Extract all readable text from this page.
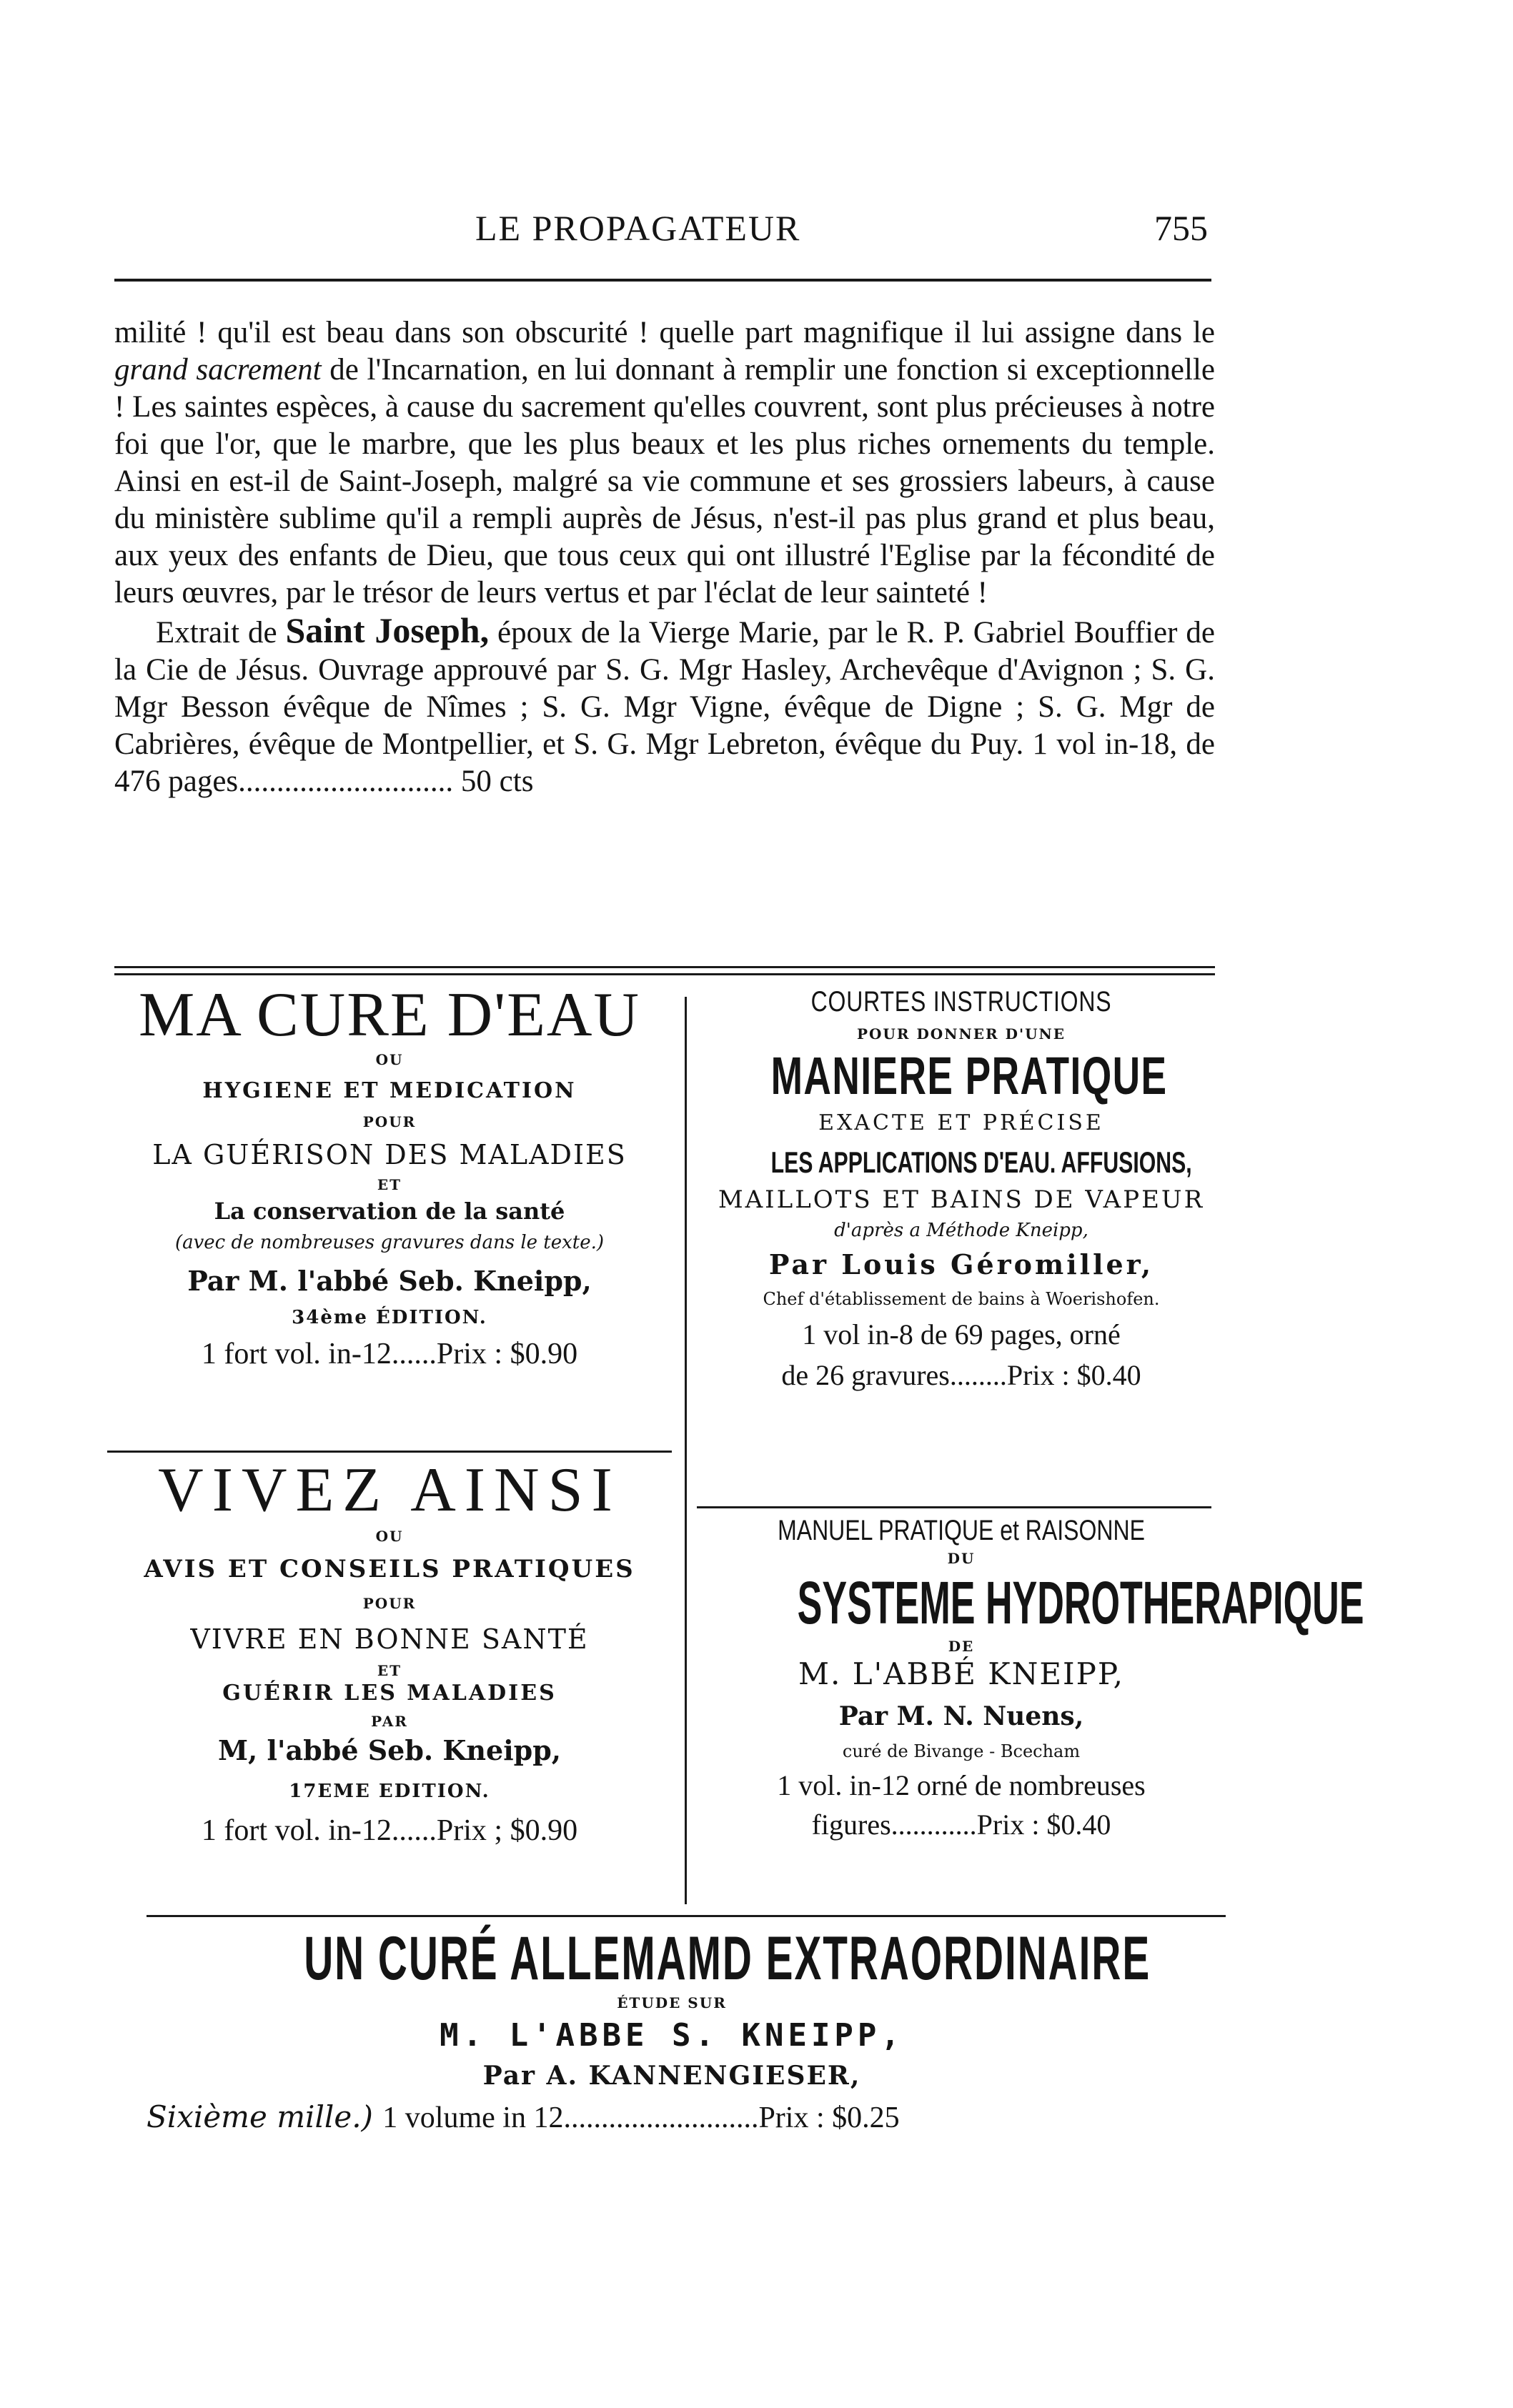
LE PROPAGATEUR	755

milité ! qu'il est beau dans son obscurité ! quelle part magnifique il lui assigne dans le grand sacrement de l'Incarnation, en lui donnant à remplir une fonction si exceptionnelle ! Les saintes espèces, à cause du sacrement qu'elles couvrent, sont plus précieuses à notre foi que l'or, que le marbre, que les plus beaux et les plus riches ornements du temple. Ainsi en est-il de Saint-Joseph, malgré sa vie commune et ses grossiers labeurs, à cause du ministère sublime qu'il a rempli auprès de Jésus, n'est-il pas plus grand et plus beau, aux yeux des enfants de Dieu, que tous ceux qui ont illustré l'Eglise par la fécondité de leurs œuvres, par le trésor de leurs vertus et par l'éclat de leur sainteté !

Extrait de Saint Joseph, époux de la Vierge Marie, par le R. P. Gabriel Bouffier de la Cie de Jésus. Ouvrage approuvé par S. G. Mgr Hasley, Archevêque d'Avignon ; S. G. Mgr Besson évêque de Nîmes ; S. G. Mgr Vigne, évêque de Digne ; S. G. Mgr de Cabrières, évêque de Montpellier, et S. G. Mgr Lebreton, évêque du Puy. 1 vol in-18, de 476 pages............................ 50 cts

MA CURE D'EAU
OU
HYGIENE ET MEDICATION
POUR
LA GUÉRISON DES MALADIES
ET
La conservation de la santé
(avec de nombreuses gravures dans le texte.)
Par M. l'abbé Seb. Kneipp,
34ème ÉDITION.
1 fort vol. in-12......Prix : $0.90
VIVEZ AINSI
OU
AVIS ET CONSEILS PRATIQUES
POUR
VIVRE EN BONNE SANTÉ
ET
GUÉRIR LES MALADIES
PAR
M, l'abbé Seb. Kneipp,
17EME EDITION.
1 fort vol. in-12......Prix ; $0.90
COURTES INSTRUCTIONS
POUR DONNER D'UNE
MANIERE PRATIQUE
EXACTE ET PRÉCISE
LES APPLICATIONS D'EAU. AFFUSIONS,
MAILLOTS ET BAINS DE VAPEUR
d'après a Méthode Kneipp,
Par Louis Géromiller,
Chef d'établissement de bains à Woerishofen.
1 vol in-8 de 69 pages, orné
de 26 gravures........Prix : $0.40
MANUEL PRATIQUE et RAISONNE
DU
SYSTEME HYDROTHERAPIQUE
DE
M. L'ABBÉ KNEIPP,
Par M. N. Nuens,
curé de Bivange - Bcecham
1 vol. in-12 orné de nombreuses
figures............Prix : $0.40
UN CURÉ ALLEMAMD EXTRAORDINAIRE
ÉTUDE SUR
M. L'ABBE S. KNEIPP,
Par A. KANNENGIESER,
Sixième mille.) 1 volume in 12..........................Prix : $0.25
